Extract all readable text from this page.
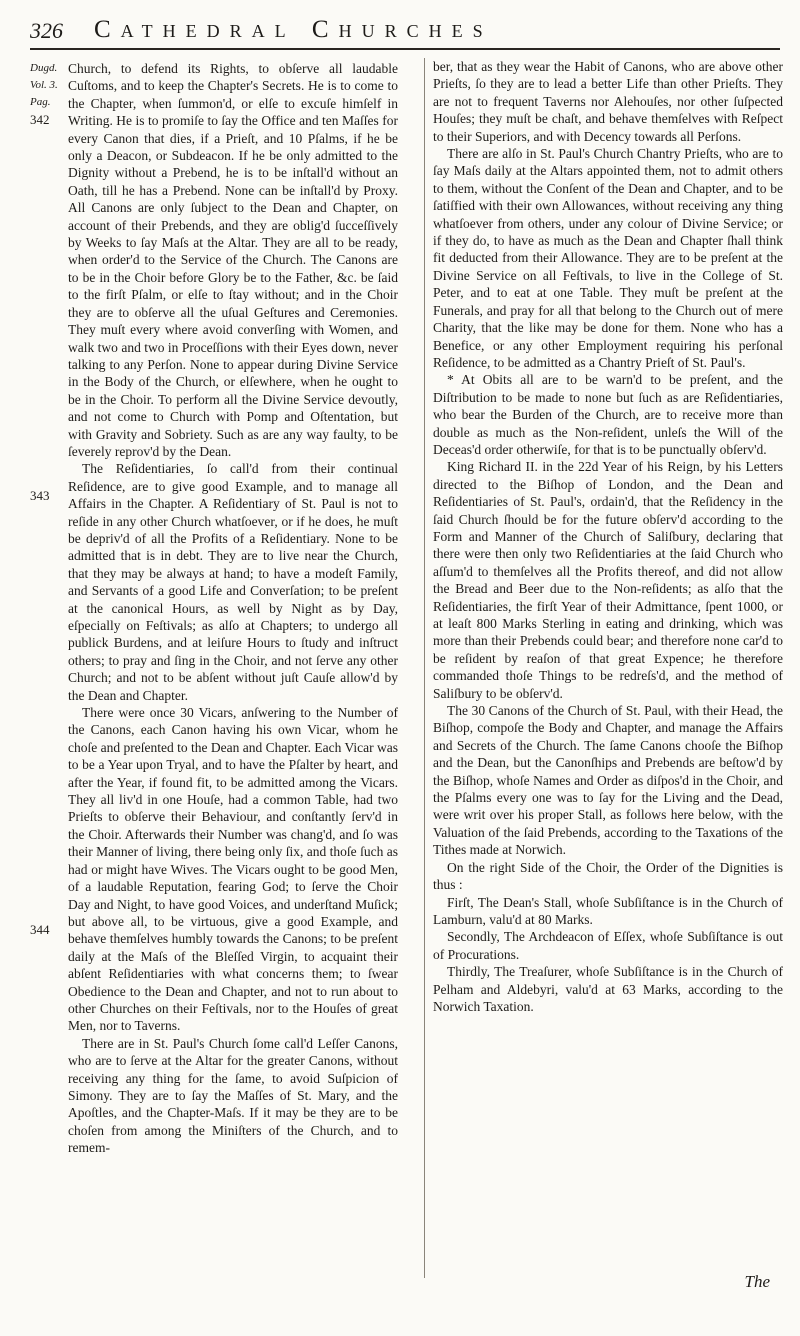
326 Cathedral Churches
Dugd.
Vol. 3.
Pag.
342
343
344

Church, to defend its Rights, to obſerve all laudable Cuſtoms, and to keep the Chapter's Secrets. He is to come to the Chapter, when ſummon'd, or elſe to excuſe himſelf in Writing. He is to promiſe to ſay the Office and ten Maſſes for every Canon that dies, if a Prieſt, and 10 Pſalms, if he be only a Deacon, or Subdeacon. If he be only admitted to the Dignity without a Prebend, he is to be inſtall'd without an Oath, till he has a Prebend. None can be inſtall'd by Proxy. All Canons are only ſubject to the Dean and Chapter, on account of their Prebends, and they are oblig'd ſucceſſively by Weeks to ſay Maſs at the Altar. They are all to be ready, when order'd to the Service of the Church. The Canons are to be in the Choir before Glory be to the Father, &c. be ſaid to the firſt Pſalm, or elſe to ſtay without; and in the Choir they are to obſerve all the uſual Geſtures and Ceremonies. They muſt every where avoid converſing with Women, and walk two and two in Proceſſions with their Eyes down, never talking to any Perſon. None to appear during Divine Service in the Body of the Church, or elſewhere, when he ought to be in the Choir. To perform all the Divine Service devoutly, and not come to Church with Pomp and Oſtentation, but with Gravity and Sobriety. Such as are any way faulty, to be ſeverely reprov'd by the Dean.

The Reſidentiaries, ſo call'd from their continual Reſidence, are to give good Example, and to manage all Affairs in the Chapter. A Reſidentiary of St. Paul is not to reſide in any other Church whatſoever, or if he does, he muſt be depriv'd of all the Profits of a Reſidentiary. None to be admitted that is in debt. They are to live near the Church, that they may be always at hand; to have a modeſt Family, and Servants of a good Life and Converſation; to be preſent at the canonical Hours, as well by Night as by Day, eſpecially on Feſtivals; as alſo at Chapters; to undergo all publick Burdens, and at leiſure Hours to ſtudy and inſtruct others; to pray and ſing in the Choir, and not ſerve any other Church; and not to be abſent without juſt Cauſe allow'd by the Dean and Chapter.

There were once 30 Vicars, anſwering to the Number of the Canons, each Canon having his own Vicar, whom he choſe and preſented to the Dean and Chapter. Each Vicar was to be a Year upon Tryal, and to have the Pſalter by heart, and after the Year, if found fit, to be admitted among the Vicars. They all liv'd in one Houſe, had a common Table, had two Prieſts to obſerve their Behaviour, and conſtantly ſerv'd in the Choir. Afterwards their Number was chang'd, and ſo was their Manner of living, there being only ſix, and thoſe ſuch as had or might have Wives. The Vicars ought to be good Men, of a laudable Reputation, fearing God; to ſerve the Choir Day and Night, to have good Voices, and underſtand Muſick; but above all, to be virtuous, give a good Example, and behave themſelves humbly towards the Canons; to be preſent daily at the Maſs of the Bleſſed Virgin, to acquaint their abſent Reſidentiaries with what concerns them; to ſwear Obedience to the Dean and Chapter, and not to run about to other Churches on their Feſtivals, nor to the Houſes of great Men, nor to Taverns.

There are in St. Paul's Church ſome call'd Leſſer Canons, who are to ſerve at the Altar for the greater Canons, without receiving any thing for the ſame, to avoid Suſpicion of Simony. They are to ſay the Maſſes of St. Mary, and the Apoſtles, and the Chapter-Maſs. If it may be they are to be choſen from among the Miniſters of the Church, and to remem-

ber, that as they wear the Habit of Canons, who are above other Prieſts, ſo they are to lead a better Life than other Prieſts. They are not to frequent Taverns nor Alehouſes, nor other ſuſpected Houſes; they muſt be chaſt, and behave themſelves with Reſpect to their Superiors, and with Decency towards all Perſons.

There are alſo in St. Paul's Church Chantry Prieſts, who are to ſay Maſs daily at the Altars appointed them, not to admit others to them, without the Conſent of the Dean and Chapter, and to be ſatiſfied with their own Allowances, without receiving any thing whatſoever from others, under any colour of Divine Service; or if they do, to have as much as the Dean and Chapter ſhall think fit deducted from their Allowance. They are to be preſent at the Divine Service on all Feſtivals, to live in the College of St. Peter, and to eat at one Table. They muſt be preſent at the Funerals, and pray for all that belong to the Church out of mere Charity, that the like may be done for them. None who has a Benefice, or any other Employment requiring his perſonal Reſidence, to be admitted as a Chantry Prieſt of St. Paul's.

* At Obits all are to be warn'd to be preſent, and the Diſtribution to be made to none but ſuch as are Reſidentiaries, who bear the Burden of the Church, are to receive more than double as much as the Non-reſident, unleſs the Will of the Deceas'd order otherwiſe, for that is to be punctually obſerv'd.

King Richard II. in the 22d Year of his Reign, by his Letters directed to the Biſhop of London, and the Dean and Reſidentiaries of St. Paul's, ordain'd, that the Reſidency in the ſaid Church ſhould be for the future obſerv'd according to the Form and Manner of the Church of Saliſbury, declaring that there were then only two Reſidentiaries at the ſaid Church who aſſum'd to themſelves all the Profits thereof, and did not allow the Bread and Beer due to the Non-reſidents; as alſo that the Reſidentiaries, the firſt Year of their Admittance, ſpent 1000, or at leaſt 800 Marks Sterling in eating and drinking, which was more than their Prebends could bear; and therefore none car'd to be reſident by reaſon of that great Expence; he therefore commanded thoſe Things to be redreſs'd, and the method of Saliſbury to be obſerv'd.

The 30 Canons of the Church of St. Paul, with their Head, the Biſhop, compoſe the Body and Chapter, and manage the Affairs and Secrets of the Church. The ſame Canons chooſe the Biſhop and the Dean, but the Canonſhips and Prebends are beſtow'd by the Biſhop, whoſe Names and Order as diſpos'd in the Choir, and the Pſalms every one was to ſay for the Living and the Dead, were writ over his proper Stall, as follows here below, with the Valuation of the ſaid Prebends, according to the Taxations of the Tithes made at Norwich.

On the right Side of the Choir, the Order of the Dignities is thus :

Firſt, The Dean's Stall, whoſe Subſiſtance is in the Church of Lamburn, valu'd at 80 Marks.

Secondly, The Archdeacon of Eſſex, whoſe Subſiſtance is out of Procurations.

Thirdly, The Treaſurer, whoſe Subſiſtance is in the Church of Pelham and Aldebyri, valu'd at 63 Marks, according to the Norwich Taxation.

The
